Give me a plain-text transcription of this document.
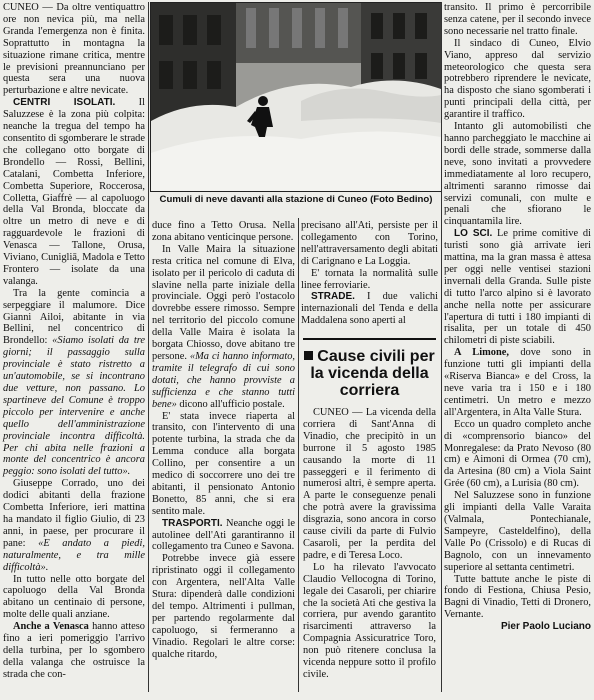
CUNEO — Da oltre ventiquattro ore non nevica più, ma nella Granda l'emergenza non è finita. Soprattutto in montagna la situazione rimane critica, mentre le previsioni preannunciano per questa sera una nuova perturbazione e altre nevicate.

CENTRI ISOLATI. Il Saluzzese è la zona più colpita: neanche la tregua del tempo ha consentito di sgomberare le strade che collegano otto borgate di Brondello — Rossi, Bellini, Catalani, Combetta Inferiore, Combetta Superiore, Roccerosa, Colletta, Giaffrè — al capoluogo della Val Bronda, bloccate da oltre un metro di neve e di ragguardevole le frazioni di Venasca — Tallone, Orusa, Viviano, Cunigliā, Madola e Tetto Frontero — isolate da una valanga.

Tra la gente comincia a serpeggiare il malumore. Dice Gianni Ailoi, abitante in via Bellini, nel concentrico di Brondello: «Siamo isolati da tre giorni; il passaggio sulla provinciale è stato ristretto a un'automobile, se si incontrano due vetture, non passano. Lo spartineve del Comune è troppo piccolo per intervenire e anche quello dell'amministrazione provinciale incontra difficoltà. Per chi abita nelle frazioni a monte del concentrico è ancora peggio: sono isolati del tutto».

Giuseppe Corrado, uno dei dodici abitanti della frazione Combetta Inferiore, ieri mattina ha mandato il figlio Giulio, di 23 anni, in paese, per procurare il pane: «E andato a piedi, naturalmente, e tra mille difficoltà».

In tutto nelle otto borgate del capoluogo della Val Bronda abitano un centinaio di persone, molte delle quali anziane.

Anche a Venasca hanno atteso fino a ieri pomeriggio l'arrivo della turbina, per lo sgombero della valanga che ostruisce la strada che con-

Cumuli di neve davanti alla stazione di Cuneo (Foto Bedino)

duce fino a Tetto Orusa. Nella zona abitano venticinque persone.

In Valle Maira la situazione resta critica nel comune di Elva, isolato per il pericolo di caduta di slavine nella parte iniziale della provinciale. Oggi però l'ostacolo dovrebbe essere rimosso. Sempre nel territorio del piccolo comune della Valle Maira è isolata la borgata Chiosso, dove abitano tre persone. «Ma ci hanno informato, tramite il telegrafo di cui sono dotati, che hanno provviste a sufficienza e che stanno tutti bene» dicono all'ufficio postale.

E' stata invece riaperta al transito, con l'intervento di una potente turbina, la strada che da Lemma conduce alla borgata Collino, per consentire a un medico di soccorrere uno dei tre abitanti, il pensionato Antonio Bonetto, 85 anni, che si era sentito male.

TRASPORTI. Neanche oggi le autolinee dell'Ati garantiranno il collegamento tra Cuneo e Savona.

Potrebbe invece già essere ripristinato oggi il collegamento con Argentera, nell'Alta Valle Stura: dipenderà dalle condizioni del tempo. Altrimenti i pullman, per partendo regolarmente dal capoluogo, si fermeranno a Vinadio. Regolari le altre corse: qualche ritardo,

precisano all'Ati, persiste per il collegamento con Torino, nell'attraversamento degli abitati di Carignano e La Loggia.

E' tornata la normalità sulle linee ferroviarie.

STRADE. I due valichi internazionali del Tenda e della Maddalena sono aperti al

Cause civili per la vicenda della corriera

CUNEO — La vicenda della corriera di Sant'Anna di Vinadio, che precipitò in un burrone il 5 agosto 1985 causando la morte di 11 passeggeri e il ferimento di numerosi altri, è sempre aperta. A parte le conseguenze penali che potrà avere la gravissima disgrazia, sono ancora in corso cause civili da parte di Fulvio Casaroli, per la perdita del padre, e di Teresa Loco.

Lo ha rilevato l'avvocato Claudio Vellocogna di Torino, legale dei Casaroli, per chiarire che la società Ati che gestiva la corriera, pur avendo garantito risarcimenti attraverso la Compagnia Assicuratrice Toro, non può ritenere conclusa la vicenda neppure sotto il profilo civile.

transito. Il primo è percorribile senza catene, per il secondo invece sono necessarie nel tratto finale.

Il sindaco di Cuneo, Elvio Viano, appreso dal servizio meteorologico che questa sera potrebbero riprendere le nevicate, ha disposto che siano sgomberati i punti principali della città, per garantire il traffico.

Intanto gli automobilisti che hanno parcheggiato le macchine ai bordi delle strade, sommerse dalla neve, sono invitati a provvedere immediatamente al loro recupero, altrimenti saranno rimosse dai servizi comunali, con multe e penali che sfiorano le cinquantamila lire.

LO SCI. Le prime comitive di turisti sono già arrivate ieri mattina, ma la gran massa è attesa per oggi nelle ventisei stazioni invernali della Granda. Sulle piste di tutto l'arco alpino si è lavorato anche nella notte per assicurare l'apertura di tutti i 180 impianti di risalita, per un totale di 450 chilometri di piste sciabili.

A Limone, dove sono in funzione tutti gli impianti della «Riserva Bianca» e del Cross, la neve varia tra i 150 e i 180 centimetri. Un metro e mezzo all'Argentera, in Alta Valle Stura.

Ecco un quadro completo anche di «comprensorio bianco» del Monregalese: da Prato Nevoso (80 cm) e Aimoni di Ormea (70 cm), da Artesina (80 cm) a Viola Saint Grée (60 cm), a Lurisia (80 cm).

Nel Saluzzese sono in funzione gli impianti della Valle Varaita (Valmala, Pontechianale, Sampeyre, Casteldelfino), della Valle Po (Crissolo) e di Rucas di Bagnolo, con un innevamento superiore al settanta centimetri.

Tutte battute anche le piste di fondo di Festiona, Chiusa Pesio, Bagni di Vinadio, Tetti di Dronero, Vernante.

Pier Paolo Luciano
